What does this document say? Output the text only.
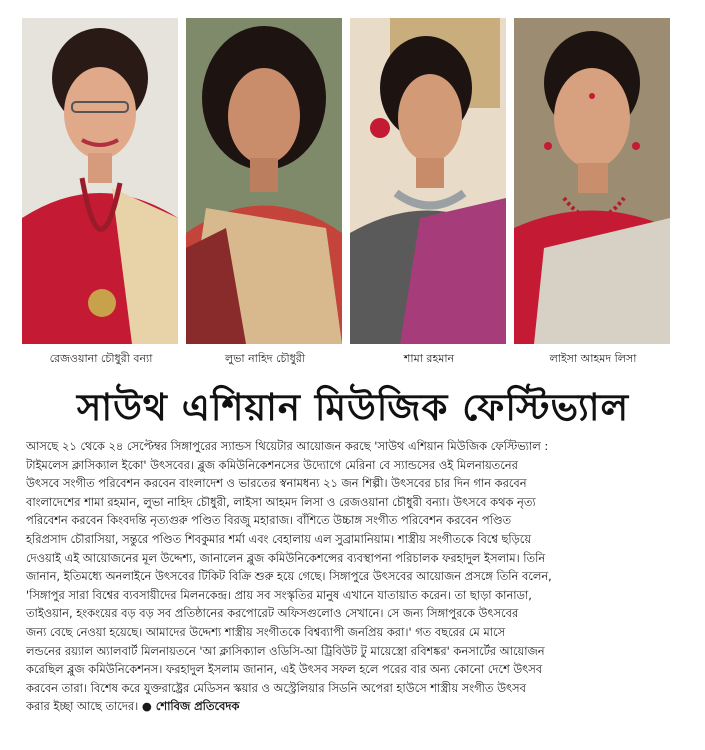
রেজওয়ানা চৌধুরী বন্যা	লুভা নাহিদ চৌধুরী	শামা রহমান	লাইসা আহমদ লিসা
সাউথ এশিয়ান মিউজিক ফেস্টিভ্যাল
আসছে ২১ থেকে ২৪ সেপ্টেম্বর সিঙ্গাপুরের স্যান্ডস থিয়েটার আয়োজন করছে 'সাউথ এশিয়ান মিউজিক ফেস্টিভ্যাল :
টাইমলেস ক্লাসিক্যাল ইকো' উৎসবের। ব্লুজ কমিউনিকেশনসের উদ্যোগে মেরিনা বে স্যান্ডসের ওই মিলনায়তনের
উৎসবে সংগীত পরিবেশন করবেন বাংলাদেশ ও ভারতের স্বনামধন্য ২১ জন শিল্পী। উৎসবের চার দিন গান করবেন
বাংলাদেশের শামা রহমান, লুভা নাহিদ চৌধুরী, লাইসা আহমদ লিসা ও রেজওয়ানা চৌধুরী বন্যা। উৎসবে কথক নৃত্য
পরিবেশন করবেন কিংবদন্তি নৃত্যগুরু পণ্ডিত বিরজু মহারাজ। বাঁশিতে উচ্চাঙ্গ সংগীত পরিবেশন করবেন পণ্ডিত
হরিপ্রসাদ চৌরাসিয়া, সন্তুরে পণ্ডিত শিবকুমার শর্মা এবং বেহালায় এল সুব্রামানিয়াম। শাস্ত্রীয় সংগীতকে বিশ্বে ছড়িয়ে
দেওয়াই এই আয়োজনের মূল উদ্দেশ্য, জানালেন ব্লুজ কমিউনিকেশন্সের ব্যবস্থাপনা পরিচালক ফরহাদুল ইসলাম। তিনি
জানান, ইতিমধ্যে অনলাইনে উৎসবের টিকিট বিক্রি শুরু হয়ে গেছে। সিঙ্গাপুরে উৎসবের আয়োজন প্রসঙ্গে তিনি বলেন,
'সিঙ্গাপুর সারা বিশ্বের ব্যবসায়ীদের মিলনকেন্দ্র। প্রায় সব সংস্কৃতির মানুষ এখানে যাতায়াত করেন। তা ছাড়া কানাডা,
তাইওয়ান, হংকংয়ের বড় বড় সব প্রতিষ্ঠানের করপোরেট অফিসগুলোও সেখানে। সে জন্য সিঙ্গাপুরকে উৎসবের
জন্য বেছে নেওয়া হয়েছে। আমাদের উদ্দেশ্য শাস্ত্রীয় সংগীতকে বিশ্বব্যাপী জনপ্রিয় করা।' গত বছরের মে মাসে
লন্ডনের রয়্যাল অ্যালবার্ট মিলনায়তনে 'আ ক্লাসিক্যাল ওডিসি-আ ট্রিবিউট টু মায়েস্ত্রো রবিশঙ্কর' কনসার্টের আয়োজন
করেছিল ব্লুজ কমিউনিকেশনস। ফরহাদুল ইসলাম জানান, এই উৎসব সফল হলে পরের বার অন্য কোনো দেশে উৎসব
করবেন তারা। বিশেষ করে যুক্তরাষ্ট্রের মেডিসন স্কয়ার ও অস্ট্রেলিয়ার সিডনি অপেরা হাউসে শাস্ত্রীয় সংগীত উৎসব
করার ইচ্ছা আছে তাদের। ● শোবিজ প্রতিবেদক
